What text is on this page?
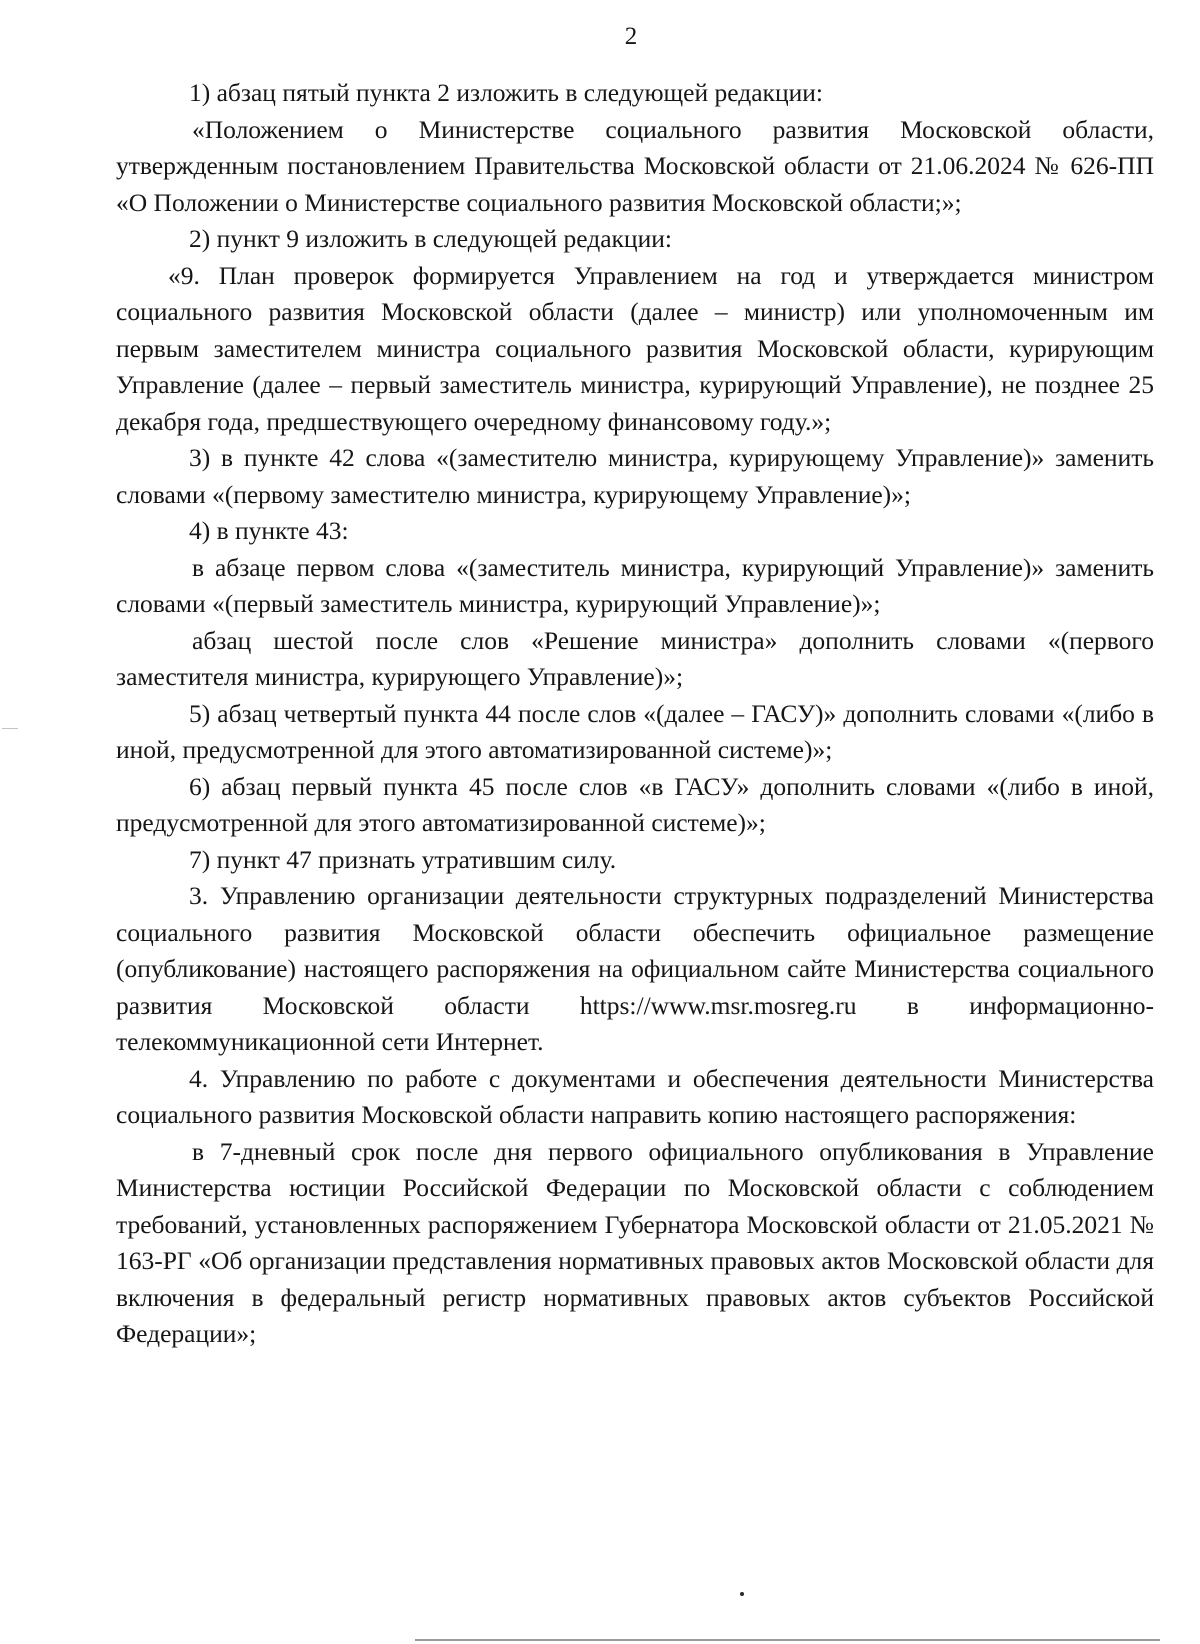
2

1) абзац пятый пункта 2 изложить в следующей редакции:

«Положением о Министерстве социального развития Московской области, утвержденным постановлением Правительства Московской области от 21.06.2024 № 626-ПП «О Положении о Министерстве социального развития Московской области;»;

2) пункт 9 изложить в следующей редакции:

«9. План проверок формируется Управлением на год и утверждается министром социального развития Московской области (далее – министр) или уполномоченным им первым заместителем министра социального развития Московской области, курирующим Управление (далее – первый заместитель министра, курирующий Управление), не позднее 25 декабря года, предшествующего очередному финансовому году.»;

3) в пункте 42 слова «(заместителю министра, курирующему Управление)» заменить словами «(первому заместителю министра, курирующему Управление)»;

4) в пункте 43:

в абзаце первом слова «(заместитель министра, курирующий Управление)» заменить словами «(первый заместитель министра, курирующий Управление)»;

абзац шестой после слов «Решение министра» дополнить словами «(первого заместителя министра, курирующего Управление)»;

5) абзац четвертый пункта 44 после слов «(далее – ГАСУ)» дополнить словами «(либо в иной, предусмотренной для этого автоматизированной системе)»;

6) абзац первый пункта 45 после слов «в ГАСУ» дополнить словами «(либо в иной, предусмотренной для этого автоматизированной системе)»;

7) пункт 47 признать утратившим силу.

3. Управлению организации деятельности структурных подразделений Министерства социального развития Московской области обеспечить официальное размещение (опубликование) настоящего распоряжения на официальном сайте Министерства социального развития Московской области https://www.msr.mosreg.ru в информационно-телекоммуникационной сети Интернет.

4. Управлению по работе с документами и обеспечения деятельности Министерства социального развития Московской области направить копию настоящего распоряжения:

в 7-дневный срок после дня первого официального опубликования в Управление Министерства юстиции Российской Федерации по Московской области с соблюдением требований, установленных распоряжением Губернатора Московской области от 21.05.2021 № 163-РГ «Об организации представления нормативных правовых актов Московской области для включения в федеральный регистр нормативных правовых актов субъектов Российской Федерации»;
